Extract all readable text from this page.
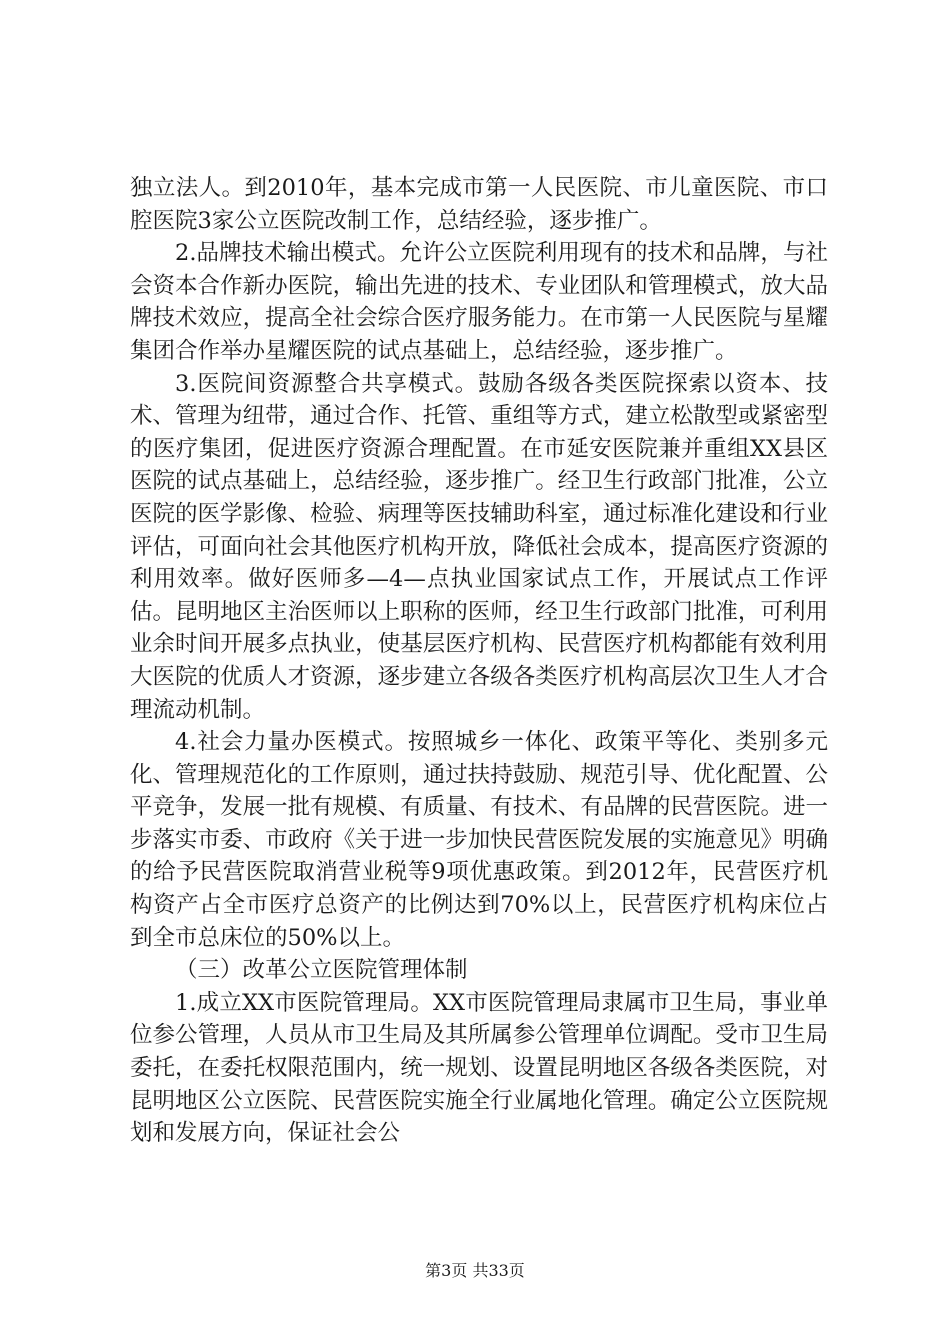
独立法人。到2010年，基本完成市第一人民医院、市儿童医院、市口腔医院3家公立医院改制工作，总结经验，逐步推广。

2.品牌技术输出模式。允许公立医院利用现有的技术和品牌，与社会资本合作新办医院，输出先进的技术、专业团队和管理模式，放大品牌技术效应，提高全社会综合医疗服务能力。在市第一人民医院与星耀集团合作举办星耀医院的试点基础上，总结经验，逐步推广。

3.医院间资源整合共享模式。鼓励各级各类医院探索以资本、技术、管理为纽带，通过合作、托管、重组等方式，建立松散型或紧密型的医疗集团，促进医疗资源合理配置。在市延安医院兼并重组XX县区医院的试点基础上，总结经验，逐步推广。经卫生行政部门批准，公立医院的医学影像、检验、病理等医技辅助科室，通过标准化建设和行业评估，可面向社会其他医疗机构开放，降低社会成本，提高医疗资源的利用效率。做好医师多—4—点执业国家试点工作，开展试点工作评估。昆明地区主治医师以上职称的医师，经卫生行政部门批准，可利用业余时间开展多点执业，使基层医疗机构、民营医疗机构都能有效利用大医院的优质人才资源，逐步建立各级各类医疗机构高层次卫生人才合理流动机制。

4.社会力量办医模式。按照城乡一体化、政策平等化、类别多元化、管理规范化的工作原则，通过扶持鼓励、规范引导、优化配置、公平竞争，发展一批有规模、有质量、有技术、有品牌的民营医院。进一步落实市委、市政府《关于进一步加快民营医院发展的实施意见》明确的给予民营医院取消营业税等9项优惠政策。到2012年，民营医疗机构资产占全市医疗总资产的比例达到70%以上，民营医疗机构床位占到全市总床位的50%以上。

（三）改革公立医院管理体制

1.成立XX市医院管理局。XX市医院管理局隶属市卫生局，事业单位参公管理，人员从市卫生局及其所属参公管理单位调配。受市卫生局委托，在委托权限范围内，统一规划、设置昆明地区各级各类医院，对昆明地区公立医院、民营医院实施全行业属地化管理。确定公立医院规划和发展方向，保证社会公

第3页 共33页
